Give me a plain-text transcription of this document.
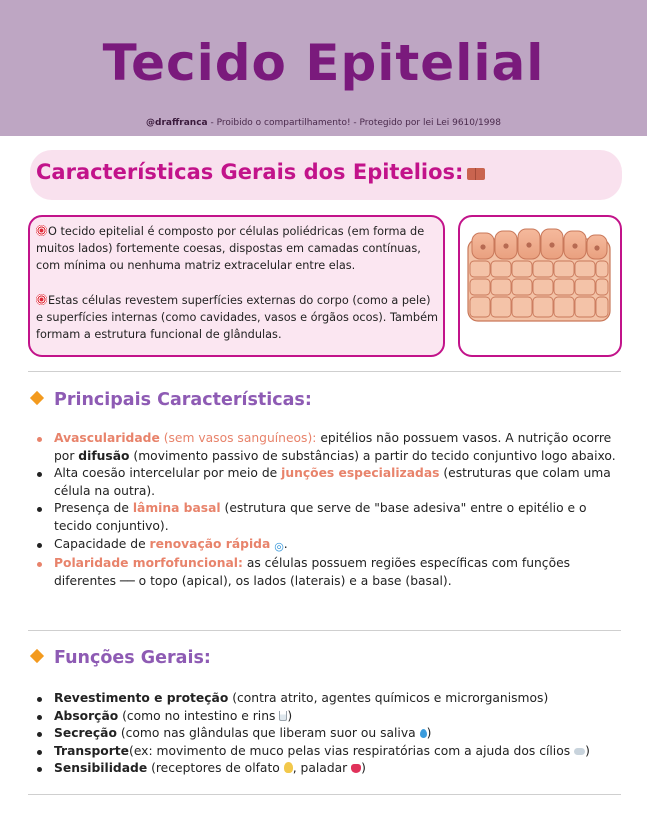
Tecido Epitelial
@draffranca - Proibido o compartilhamento! - Protegido por lei Lei 9610/1998
Características Gerais dos Epitelios:
O tecido epitelial é composto por células poliédricas (em forma de muitos lados) fortemente coesas, dispostas em camadas contínuas, com mínima ou nenhuma matriz extracelular entre elas.
Estas células revestem superfícies externas do corpo (como a pele) e superfícies internas (como cavidades, vasos e órgãos ocos). Também formam a estrutura funcional de glândulas.
Principais Características:
Avascularidade (sem vasos sanguíneos): epitélios não possuem vasos. A nutrição ocorre por difusão (movimento passivo de substâncias) a partir do tecido conjuntivo logo abaixo.
Alta coesão intercelular por meio de junções especializadas (estruturas que colam uma célula na outra).
Presença de lâmina basal (estrutura que serve de "base adesiva" entre o epitélio e o tecido conjuntivo).
Capacidade de renovação rápida ◎.
Polaridade morfofuncional: as células possuem regiões específicas com funções diferentes ── o topo (apical), os lados (laterais) e a base (basal).
Funções Gerais:
Revestimento e proteção (contra atrito, agentes químicos e microrganismos)
Absorção (como no intestino e rins )
Secreção (como nas glândulas que liberam suor ou saliva )
Transporte(ex: movimento de muco pelas vias respiratórias com a ajuda dos cílios )
Sensibilidade (receptores de olfato , paladar )
